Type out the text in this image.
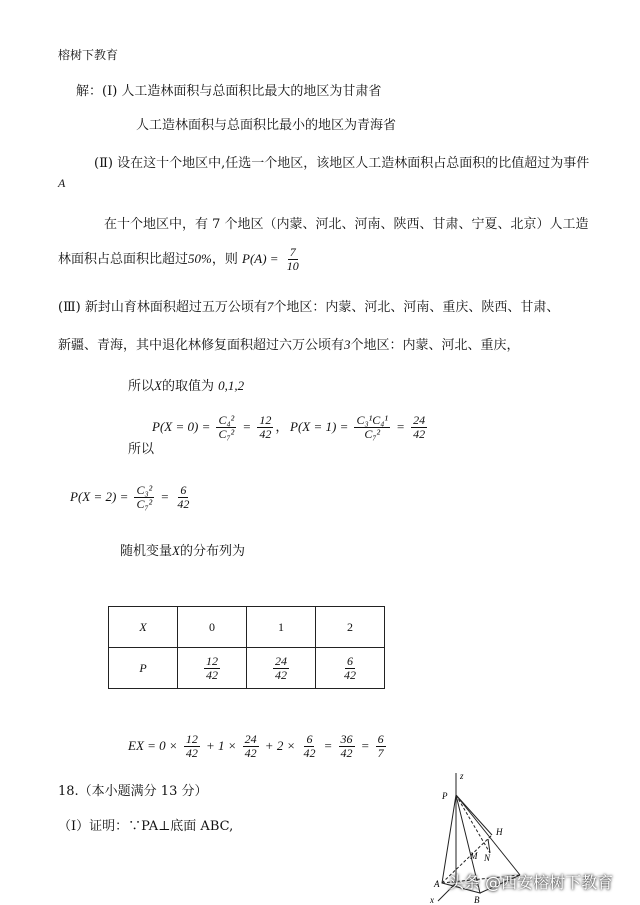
榕树下教育
解：(Ⅰ) 人工造林面积与总面积比最大的地区为甘肃省
人工造林面积与总面积比最小的地区为青海省
(Ⅱ) 设在这十个地区中,任选一个地区，该地区人工造林面积占总面积的比值超过为事件
A
在十个地区中，有 7 个地区（内蒙、河北、河南、陕西、甘肃、宁夏、北京）人工造
林面积占总面积比超过50%，则 $P(A) = \frac{7}{10}$
(Ⅲ) 新封山育林面积超过五万公顷有7个地区：内蒙、河北、河南、重庆、陕西、甘肃、
新疆、青海，其中退化林修复面积超过六万公顷有3个地区：内蒙、河北、重庆，
所以X的取值为 0,1,2
$P(X = 0) = \frac{\text{C₄²}}{\text{C₇²}} = \frac{12}{42}$ ，
所以
$P(X = 1) = \frac{\text{C₃¹C₄¹}}{\text{C₇²}} = \frac{24}{42}$
$P(X = 2) = \frac{\text{C₃²}}{\text{C₇²}} = \frac{6}{42}$
随机变量X的分布列为
X	0	1	2
P	$\frac{12}{42}$	$\frac{24}{42}$	$\frac{6}{42}$
EX = $0 \times \frac{12}{42} + 1 \times \frac{24}{42} + 2 \times \frac{6}{42} = \frac{36}{42} = \frac{6}{7}$
18.（本小题满分 13 分）
（Ⅰ）证明：∵PA⊥底面 ABC,
z
P
H
M N
A
B
x
头条 @西安榕树下教育
